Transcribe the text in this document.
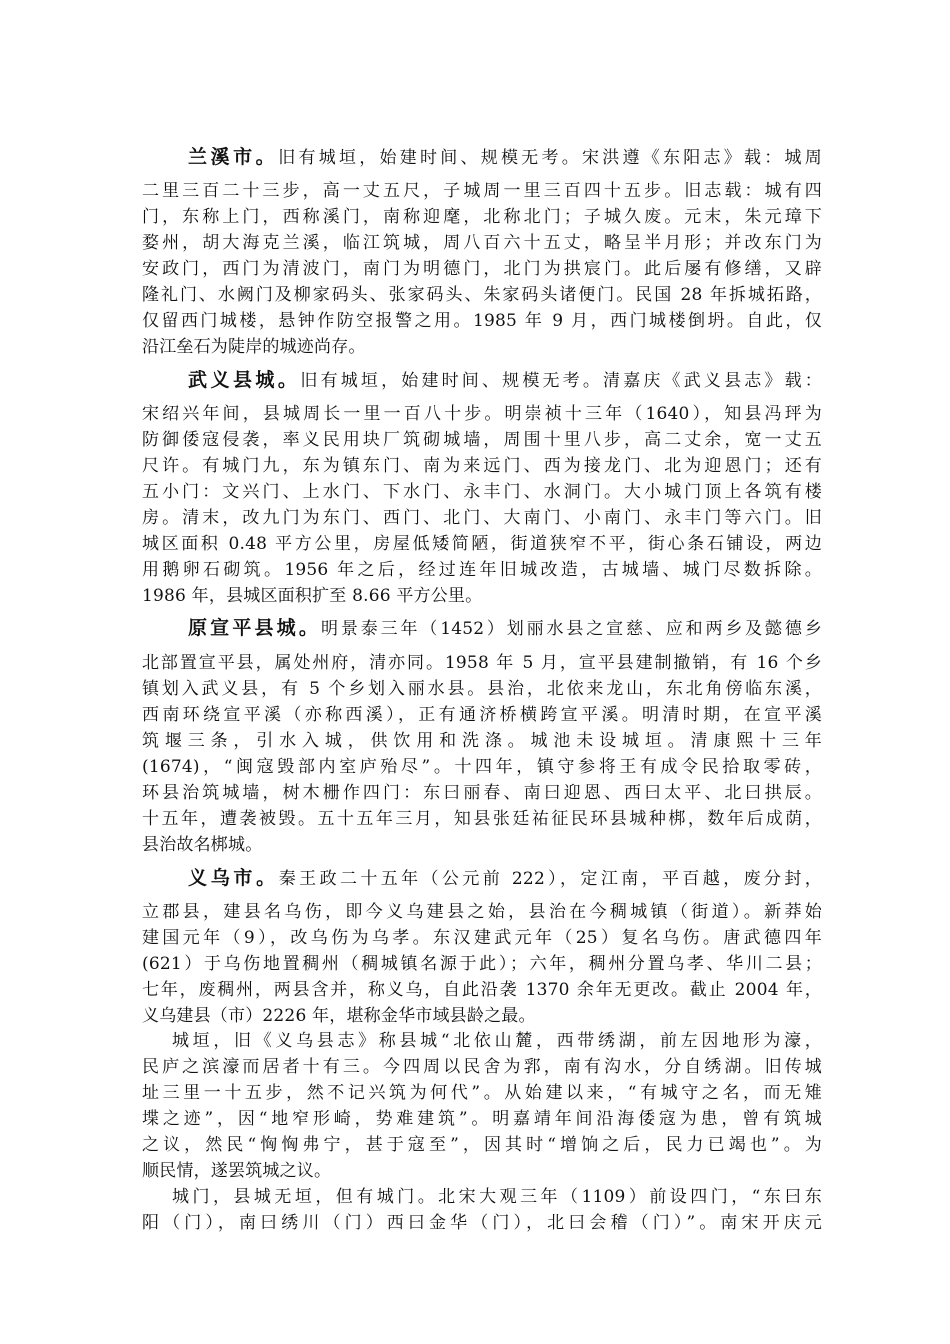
兰溪市。旧有城垣，始建时间、规模无考。宋洪遵《东阳志》载：城周
二里三百二十三步，高一丈五尺，子城周一里三百四十五步。旧志载：城有四
门，东称上门，西称溪门，南称迎麾，北称北门；子城久废。元末，朱元璋下
婺州，胡大海克兰溪，临江筑城，周八百六十五丈，略呈半月形；并改东门为
安政门，西门为清波门，南门为明德门，北门为拱宸门。此后屡有修缮，又辟
隆礼门、水阙门及柳家码头、张家码头、朱家码头诸便门。民国 28 年拆城拓路，
仅留西门城楼，悬钟作防空报警之用。1985 年 9 月，西门城楼倒坍。自此，仅
沿江垒石为陡岸的城迹尚存。
武义县城。旧有城垣，始建时间、规模无考。清嘉庆《武义县志》载：
宋绍兴年间，县城周长一里一百八十步。明崇祯十三年（1640），知县冯玶为
防御倭寇侵袭，率义民用块厂筑砌城墙，周围十里八步，高二丈余，宽一丈五
尺许。有城门九，东为镇东门、南为来远门、西为接龙门、北为迎恩门；还有
五小门：文兴门、上水门、下水门、永丰门、水洞门。大小城门顶上各筑有楼
房。清末，改九门为东门、西门、北门、大南门、小南门、永丰门等六门。旧
城区面积 0.48 平方公里，房屋低矮简陋，街道狭窄不平，街心条石铺设，两边
用鹅卵石砌筑。1956 年之后，经过连年旧城改造，古城墙、城门尽数拆除。
1986 年，县城区面积扩至 8.66 平方公里。
原宣平县城。明景泰三年（1452）划丽水县之宣慈、应和两乡及懿德乡
北部置宣平县，属处州府，清亦同。1958 年 5 月，宣平县建制撤销，有 16 个乡
镇划入武义县，有 5 个乡划入丽水县。县治，北依来龙山，东北角傍临东溪，
西南环绕宣平溪（亦称西溪），正有通济桥横跨宣平溪。明清时期，在宣平溪
筑堰三条，引水入城，供饮用和洗涤。城池未设城垣。清康熙十三年
(1674)，“闽寇毁部内室庐殆尽”。十四年，镇守参将王有成令民拾取零砖，
环县治筑城墙，树木栅作四门：东曰丽春、南曰迎恩、西曰太平、北曰拱辰。
十五年，遭袭被毁。五十五年三月，知县张廷祐征民环县城种梆，数年后成荫，
县治故名梆城。
义乌市。秦王政二十五年（公元前 222），定江南，平百越，废分封，
立郡县，建县名乌伤，即今义乌建县之始，县治在今稠城镇（街道）。新莽始
建国元年（9），改乌伤为乌孝。东汉建武元年（25）复名乌伤。唐武德四年
(621）于乌伤地置稠州（稠城镇名源于此）；六年，稠州分置乌孝、华川二县；
七年，废稠州，两县含并，称义乌，自此沿袭 1370 余年无更改。截止 2004 年，
义乌建县（市）2226 年，堪称金华市域县龄之最。
城垣，旧《义乌县志》称县城“北依山麓，西带绣湖，前左因地形为濠，
民庐之滨濠而居者十有三。今四周以民舍为郛，南有沟水，分自绣湖。旧传城
址三里一十五步，然不记兴筑为何代”。从始建以来，“有城守之名，而无雉
堞之迹”，因“地窄形崎，势难建筑”。明嘉靖年间沿海倭寇为患，曾有筑城
之议，然民“恟恟弗宁，甚于寇至”，因其时“增饷之后，民力已竭也”。为
顺民情，遂罢筑城之议。
城门，县城无垣，但有城门。北宋大观三年（1109）前设四门，“东曰东
阳（门），南曰绣川（门）西曰金华（门），北曰会稽（门）”。南宋开庆元
